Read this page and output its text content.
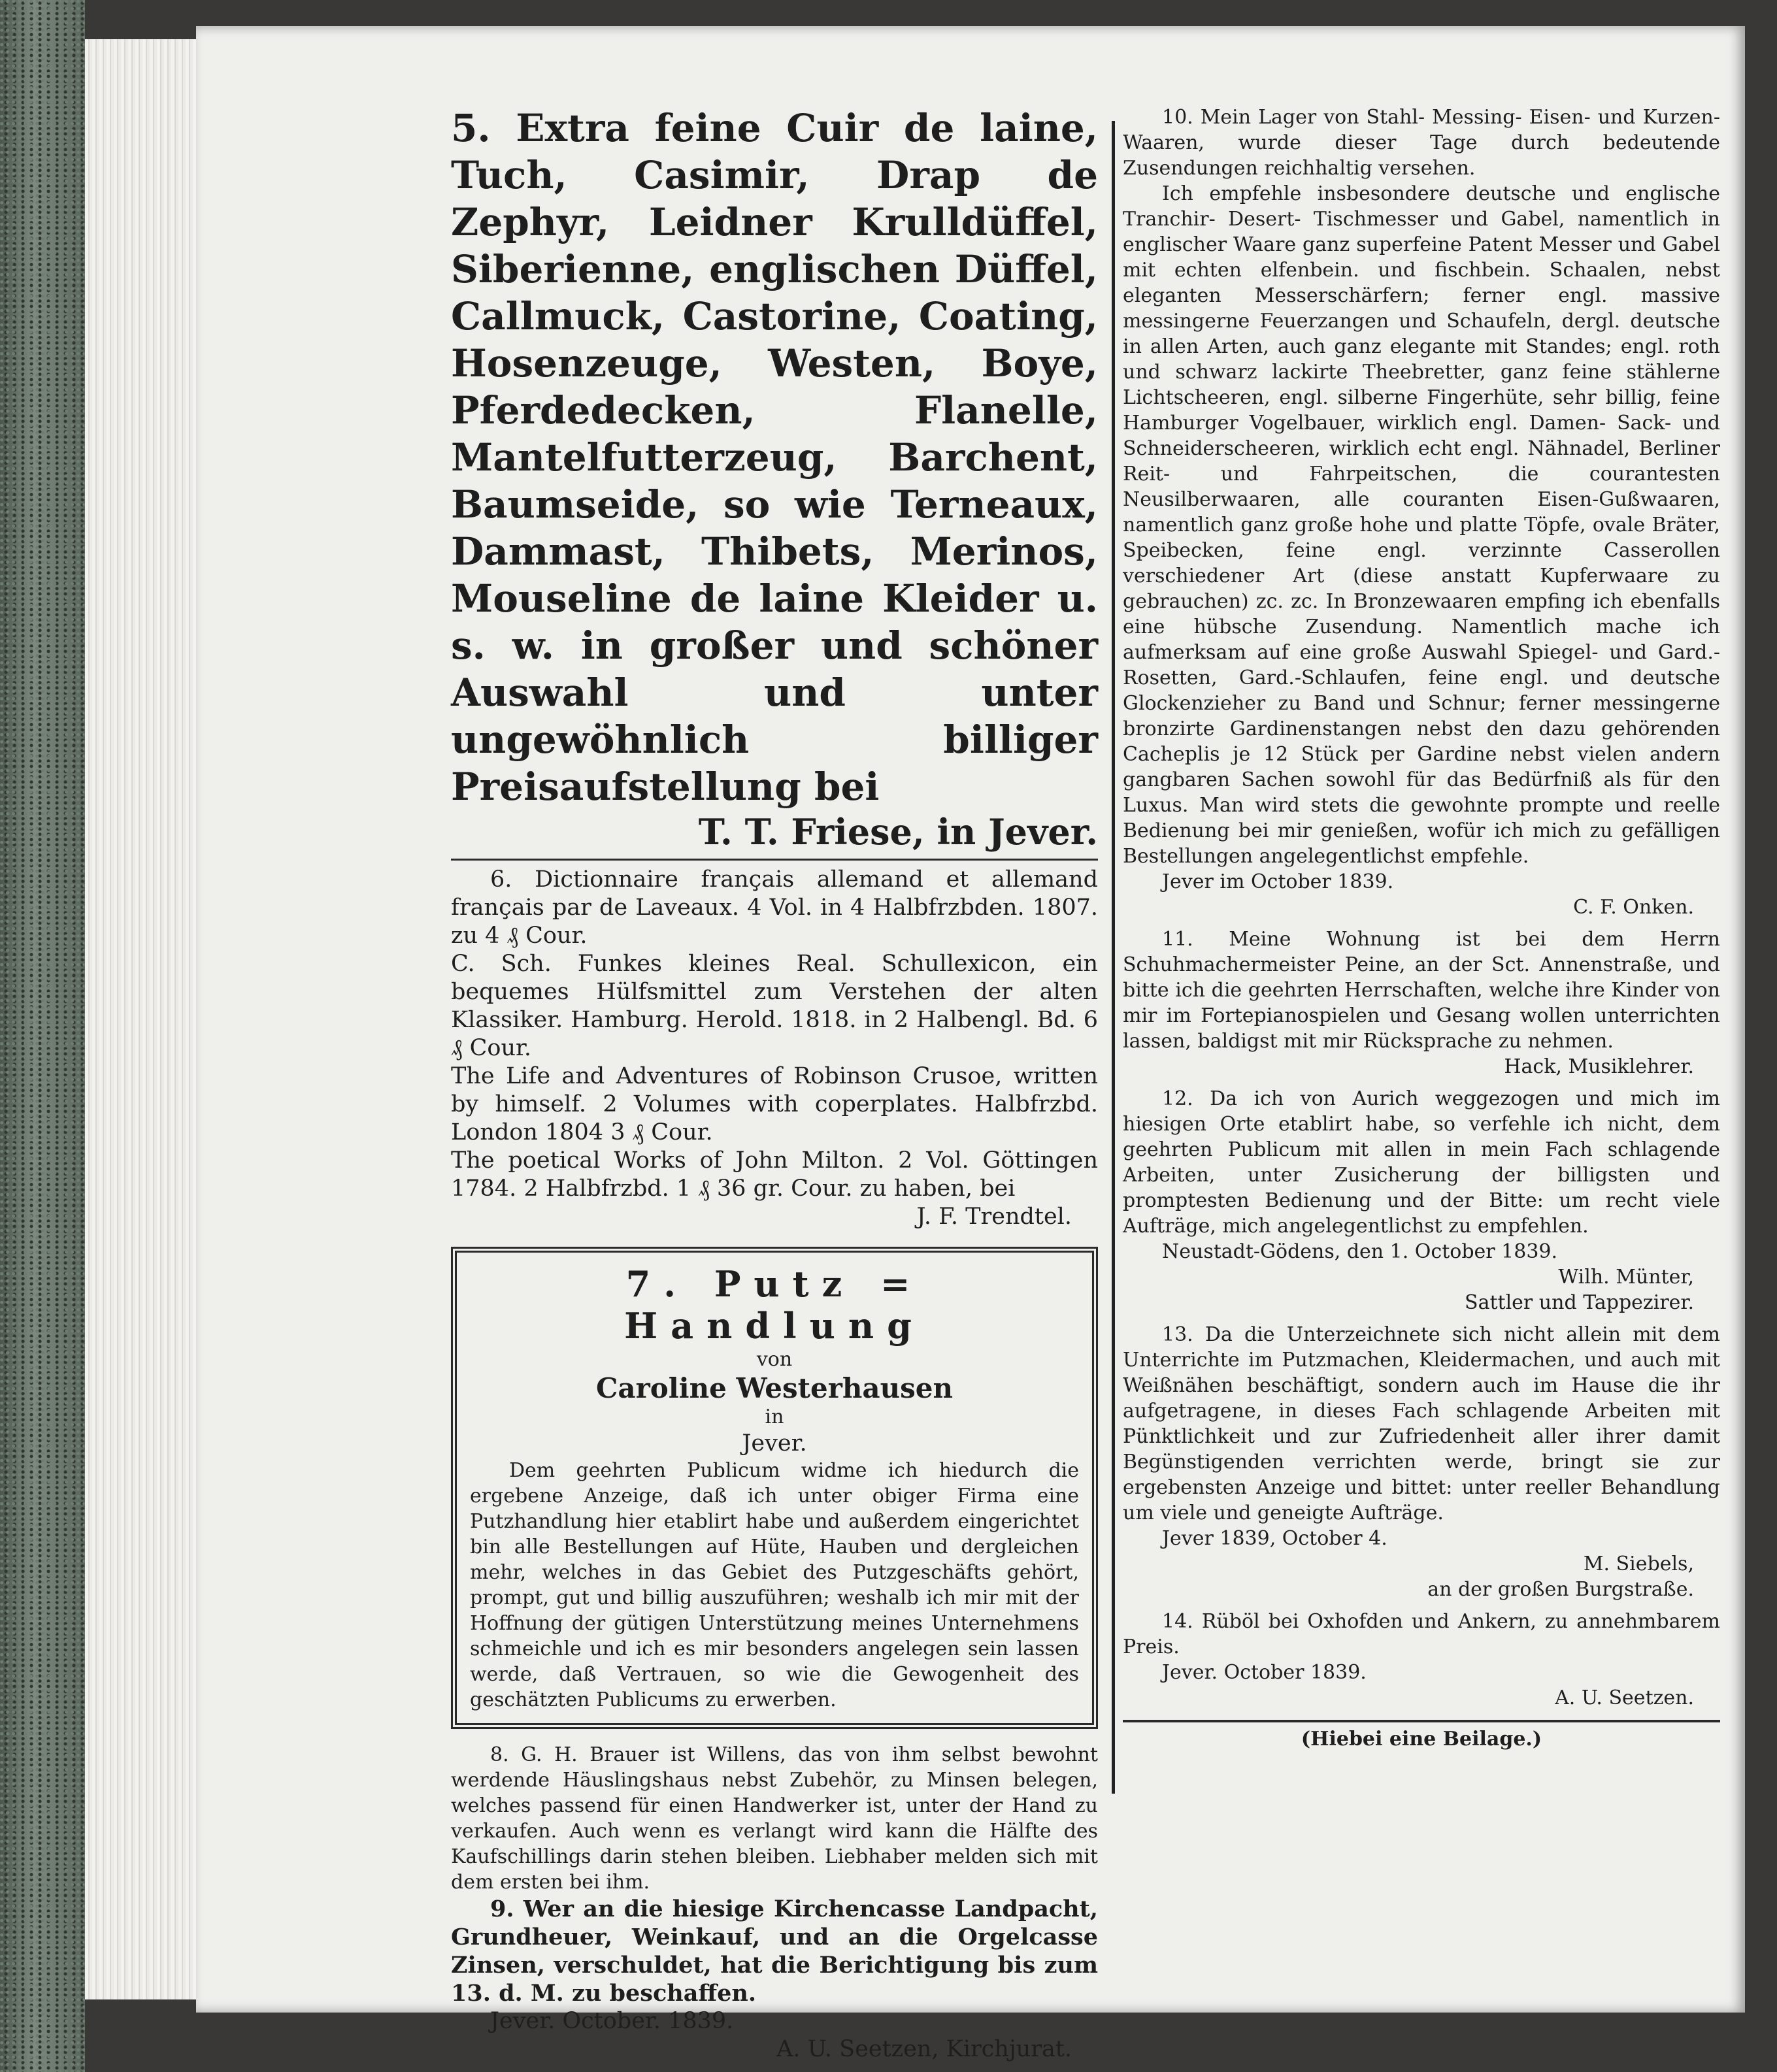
5. Extra feine Cuir de laine, Tuch, Casimir, Drap de Zephyr, Leidner Krulldüffel, Siberienne, englischen Düffel, Callmuck, Castorine, Coating, Hosenzeuge, Westen, Boye, Pferdedecken, Flanelle, Mantelfutterzeug, Barchent, Baumseide, so wie Terneaux, Dammast, Thibets, Merinos, Mouseline de laine Kleider u. s. w. in großer und schöner Auswahl und unter ungewöhnlich billiger Preisaufstellung bei

T. T. Friese, in Jever.

6. Dictionnaire français allemand et allemand français par de Laveaux. 4 Vol. in 4 Halbfrzbden. 1807. zu 4 ₰ Cour.

C. Sch. Funkes kleines Real. Schullexicon, ein bequemes Hülfsmittel zum Verstehen der alten Klassiker. Hamburg. Herold. 1818. in 2 Halbengl. Bd. 6 ₰ Cour.

The Life and Adventures of Robinson Crusoe, written by himself. 2 Volumes with coperplates. Halbfrzbd. London 1804 3 ₰ Cour.

The poetical Works of John Milton. 2 Vol. Göttingen 1784. 2 Halbfrzbd. 1 ₰ 36 gr. Cour. zu haben, bei

J. F. Trendtel.

7. Putz = Handlung
von
Caroline Westerhausen
in
Jever.

Dem geehrten Publicum widme ich hiedurch die ergebene Anzeige, daß ich unter obiger Firma eine Putzhandlung hier etablirt habe und außerdem eingerichtet bin alle Bestellungen auf Hüte, Hauben und dergleichen mehr, welches in das Gebiet des Putzgeschäfts gehört, prompt, gut und billig auszuführen; weshalb ich mir mit der Hoffnung der gütigen Unterstützung meines Unternehmens schmeichle und ich es mir besonders angelegen sein lassen werde, daß Vertrauen, so wie die Gewogenheit des geschätzten Publicums zu erwerben.

8. G. H. Brauer ist Willens, das von ihm selbst bewohnt werdende Häuslingshaus nebst Zubehör, zu Minsen belegen, welches passend für einen Handwerker ist, unter der Hand zu verkaufen. Auch wenn es verlangt wird kann die Hälfte des Kaufschillings darin stehen bleiben. Liebhaber melden sich mit dem ersten bei ihm.

9. Wer an die hiesige Kirchencasse Landpacht, Grundheuer, Weinkauf, und an die Orgelcasse Zinsen, verschuldet, hat die Berichtigung bis zum 13. d. M. zu beschaffen.

Jever. October. 1839.

A. U. Seetzen, Kirchjurat.

10. Mein Lager von Stahl- Messing- Eisen- und Kurzen-Waaren, wurde dieser Tage durch bedeutende Zusendungen reichhaltig versehen.

Ich empfehle insbesondere deutsche und englische Tranchir- Desert- Tischmesser und Gabel, namentlich in englischer Waare ganz superfeine Patent Messer und Gabel mit echten elfenbein. und fischbein. Schaalen, nebst eleganten Messerschärfern; ferner engl. massive messingerne Feuerzangen und Schaufeln, dergl. deutsche in allen Arten, auch ganz elegante mit Standes; engl. roth und schwarz lackirte Theebretter, ganz feine stählerne Lichtscheeren, engl. silberne Fingerhüte, sehr billig, feine Hamburger Vogelbauer, wirklich engl. Damen- Sack- und Schneiderscheeren, wirklich echt engl. Nähnadel, Berliner Reit- und Fahrpeitschen, die courantesten Neusilberwaaren, alle couranten Eisen-Gußwaaren, namentlich ganz große hohe und platte Töpfe, ovale Bräter, Speibecken, feine engl. verzinnte Casserollen verschiedener Art (diese anstatt Kupferwaare zu gebrauchen) zc. zc. In Bronzewaaren empfing ich ebenfalls eine hübsche Zusendung. Namentlich mache ich aufmerksam auf eine große Auswahl Spiegel- und Gard.-Rosetten, Gard.-Schlaufen, feine engl. und deutsche Glockenzieher zu Band und Schnur; ferner messingerne bronzirte Gardinenstangen nebst den dazu gehörenden Cacheplis je 12 Stück per Gardine nebst vielen andern gangbaren Sachen sowohl für das Bedürfniß als für den Luxus. Man wird stets die gewohnte prompte und reelle Bedienung bei mir genießen, wofür ich mich zu gefälligen Bestellungen angelegentlichst empfehle.

Jever im October 1839.

C. F. Onken.

11. Meine Wohnung ist bei dem Herrn Schuhmachermeister Peine, an der Sct. Annenstraße, und bitte ich die geehrten Herrschaften, welche ihre Kinder von mir im Fortepianospielen und Gesang wollen unterrichten lassen, baldigst mit mir Rücksprache zu nehmen.

Hack, Musiklehrer.

12. Da ich von Aurich weggezogen und mich im hiesigen Orte etablirt habe, so verfehle ich nicht, dem geehrten Publicum mit allen in mein Fach schlagende Arbeiten, unter Zusicherung der billigsten und promptesten Bedienung und der Bitte: um recht viele Aufträge, mich angelegentlichst zu empfehlen.

Neustadt-Gödens, den 1. October 1839.

Wilh. Münter,

Sattler und Tappezirer.

13. Da die Unterzeichnete sich nicht allein mit dem Unterrichte im Putzmachen, Kleidermachen, und auch mit Weißnähen beschäftigt, sondern auch im Hause die ihr aufgetragene, in dieses Fach schlagende Arbeiten mit Pünktlichkeit und zur Zufriedenheit aller ihrer damit Begünstigenden verrichten werde, bringt sie zur ergebensten Anzeige und bittet: unter reeller Behandlung um viele und geneigte Aufträge.

Jever 1839, October 4.

M. Siebels,

an der großen Burgstraße.

14. Rüböl bei Oxhofden und Ankern, zu annehmbarem Preis.

Jever. October 1839.

A. U. Seetzen.

(Hiebei eine Beilage.)
